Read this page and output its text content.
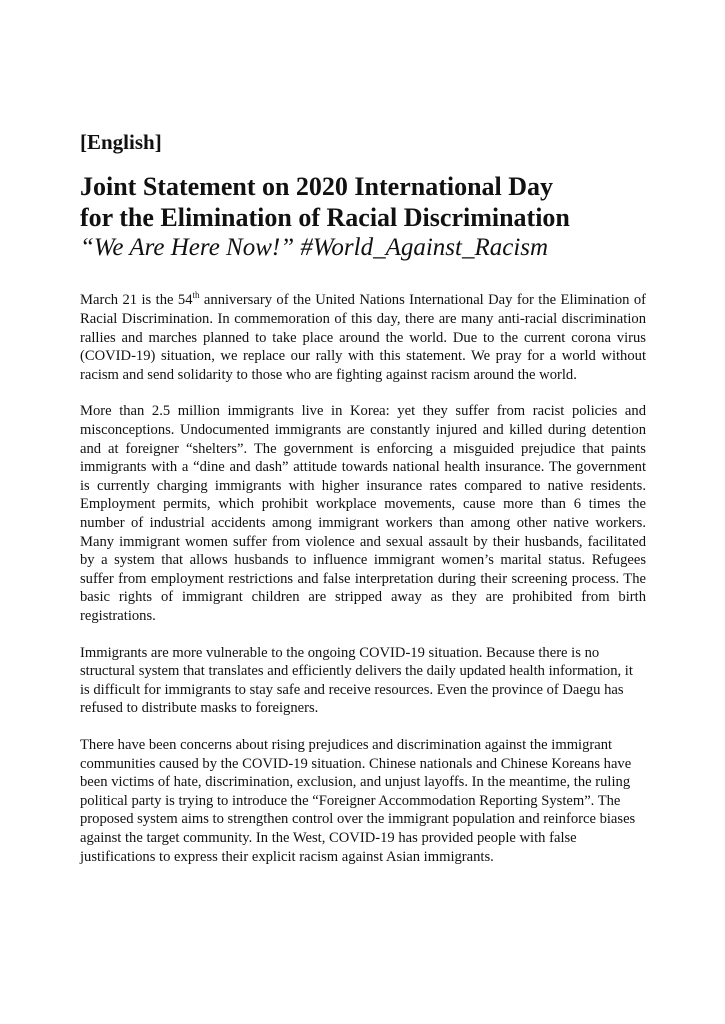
[English]
Joint Statement on 2020 International Day
for the Elimination of Racial Discrimination
“We Are Here Now!” #World_Against_Racism

March 21 is the 54th anniversary of the United Nations International Day for the Elimination of Racial Discrimination. In commemoration of this day, there are many anti-racial discrimination rallies and marches planned to take place around the world. Due to the current corona virus (COVID-19) situation, we replace our rally with this statement. We pray for a world without racism and send solidarity to those who are fighting against racism around the world.

More than 2.5 million immigrants live in Korea: yet they suffer from racist policies and misconceptions. Undocumented immigrants are constantly injured and killed during detention and at foreigner “shelters”. The government is enforcing a misguided prejudice that paints immigrants with a “dine and dash” attitude towards national health insurance. The government is currently charging immigrants with higher insurance rates compared to native residents. Employment permits, which prohibit workplace movements, cause more than 6 times the number of industrial accidents among immigrant workers than among other native workers. Many immigrant women suffer from violence and sexual assault by their husbands, facilitated by a system that allows husbands to influence immigrant women’s marital status. Refugees suffer from employment restrictions and false interpretation during their screening process. The basic rights of immigrant children are stripped away as they are prohibited from birth registrations.

Immigrants are more vulnerable to the ongoing COVID-19 situation. Because there is no structural system that translates and efficiently delivers the daily updated health information, it is difficult for immigrants to stay safe and receive resources. Even the province of Daegu has refused to distribute masks to foreigners.

There have been concerns about rising prejudices and discrimination against the immigrant communities caused by the COVID-19 situation. Chinese nationals and Chinese Koreans have been victims of hate, discrimination, exclusion, and unjust layoffs. In the meantime, the ruling political party is trying to introduce the “Foreigner Accommodation Reporting System”. The proposed system aims to strengthen control over the immigrant population and reinforce biases against the target community. In the West, COVID-19 has provided people with false justifications to express their explicit racism against Asian immigrants.
